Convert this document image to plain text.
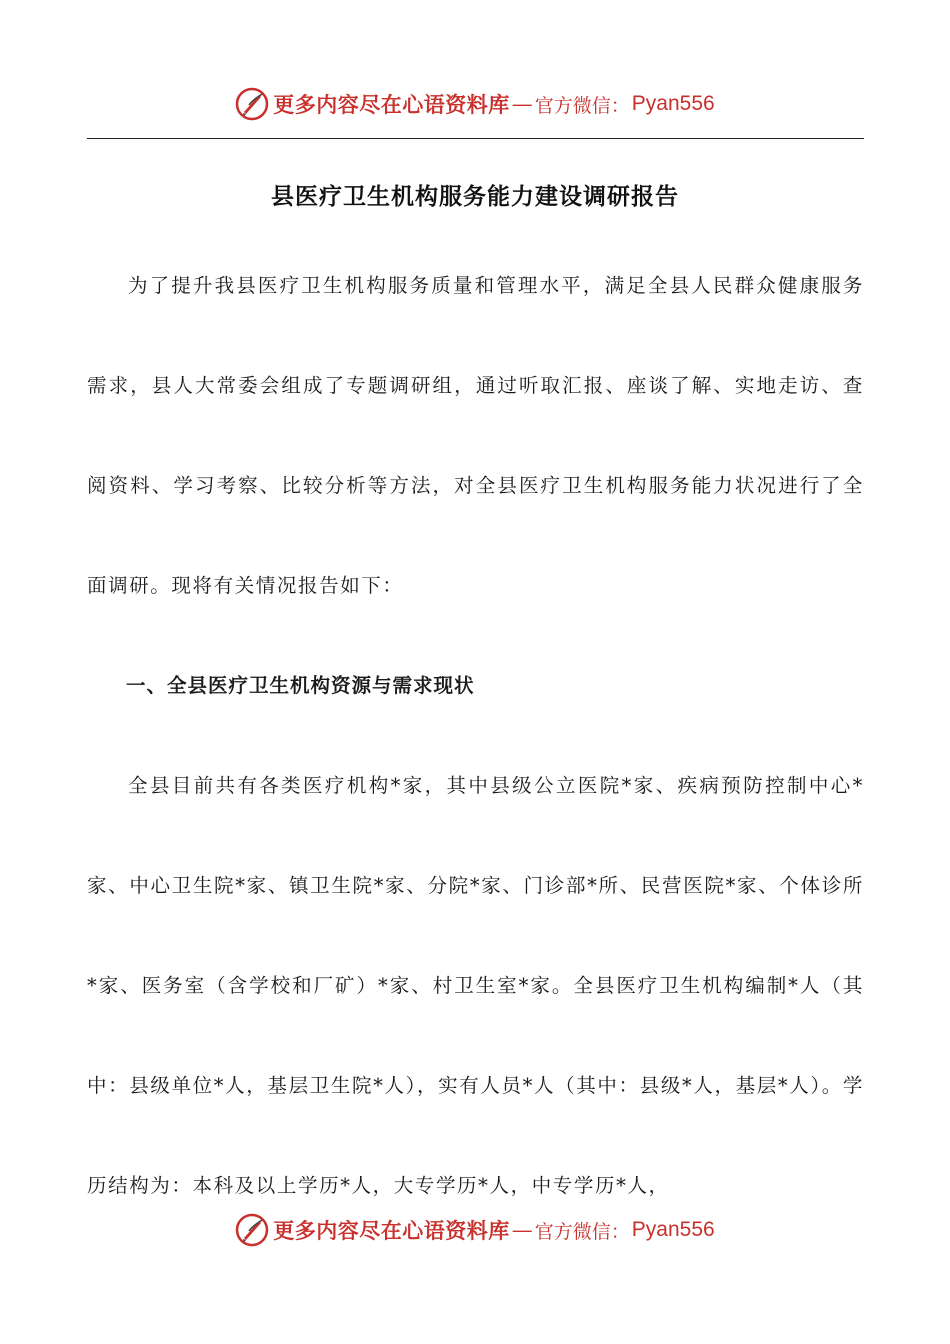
更多内容尽在心语资料库 — 官方微信： Pyan556
县医疗卫生机构服务能力建设调研报告

为了提升我县医疗卫生机构服务质量和管理水平，满足全县人民群众健康服务需求，县人大常委会组成了专题调研组，通过听取汇报、座谈了解、实地走访、查阅资料、学习考察、比较分析等方法，对全县医疗卫生机构服务能力状况进行了全面调研。现将有关情况报告如下：

一、全县医疗卫生机构资源与需求现状

全县目前共有各类医疗机构*家，其中县级公立医院*家、疾病预防控制中心*家、中心卫生院*家、镇卫生院*家、分院*家、门诊部*所、民营医院*家、个体诊所*家、医务室（含学校和厂矿）*家、村卫生室*家。全县医疗卫生机构编制*人（其中：县级单位*人，基层卫生院*人），实有人员*人（其中：县级*人，基层*人）。学历结构为：本科及以上学历*人，大专学历*人，中专学历*人，

更多内容尽在心语资料库 — 官方微信： Pyan556
